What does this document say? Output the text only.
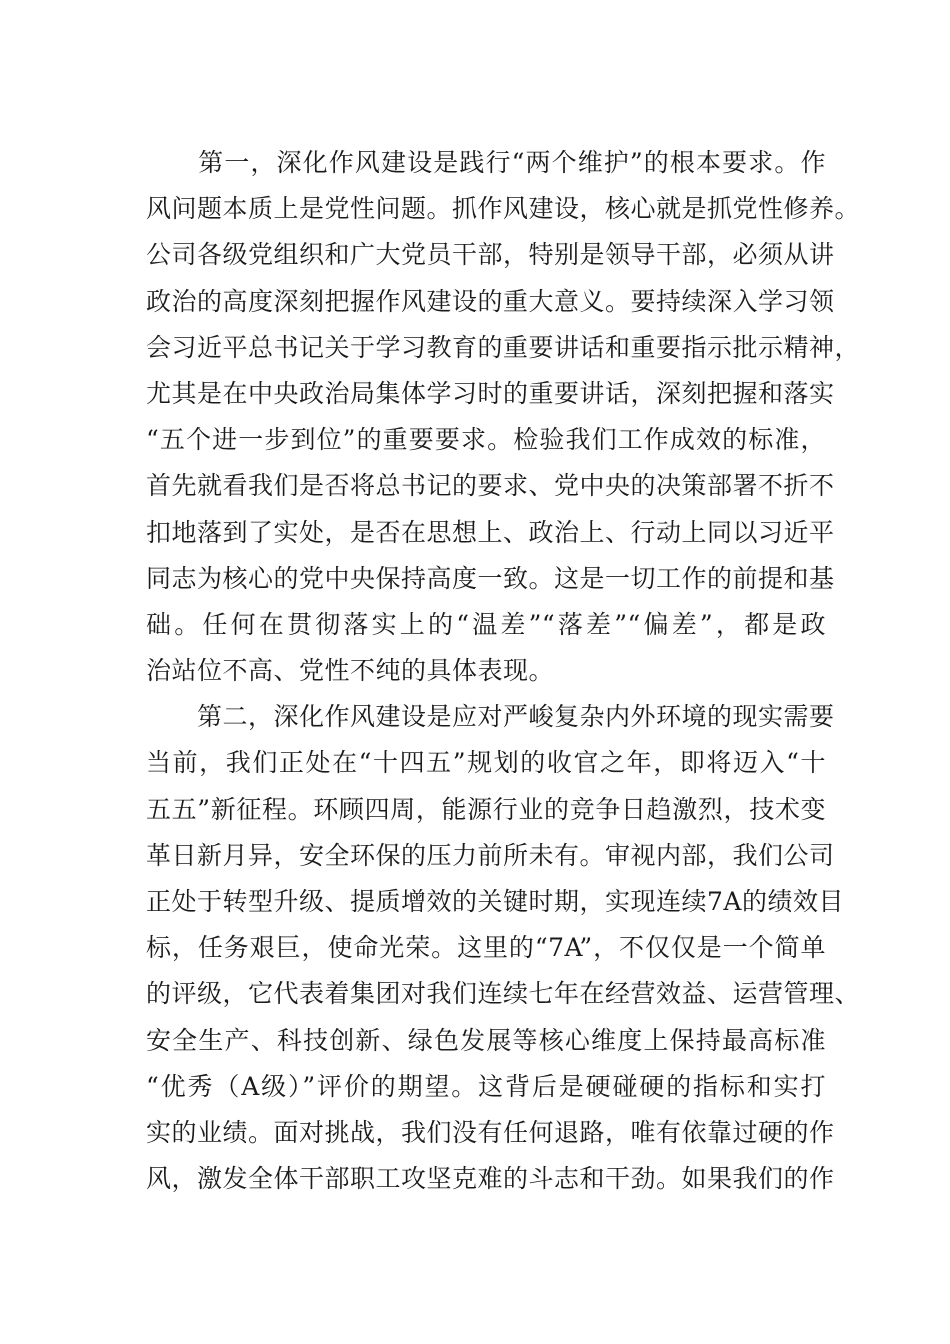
　　第一，深化作风建设是践行“两个维护”的根本要求。作
风问题本质上是党性问题。抓作风建设，核心就是抓党性修养。
公司各级党组织和广大党员干部，特别是领导干部，必须从讲
政治的高度深刻把握作风建设的重大意义。要持续深入学习领
会习近平总书记关于学习教育的重要讲话和重要指示批示精神，
尤其是在中央政治局集体学习时的重要讲话，深刻把握和落实
“五个进一步到位”的重要要求。检验我们工作成效的标准，
首先就看我们是否将总书记的要求、党中央的决策部署不折不
扣地落到了实处，是否在思想上、政治上、行动上同以习近平
同志为核心的党中央保持高度一致。这是一切工作的前提和基
础。任何在贯彻落实上的“温差”“落差”“偏差”，都是政
治站位不高、党性不纯的具体表现。
　　第二，深化作风建设是应对严峻复杂内外环境的现实需要
当前，我们正处在“十四五”规划的收官之年，即将迈入“十
五五”新征程。环顾四周，能源行业的竞争日趋激烈，技术变
革日新月异，安全环保的压力前所未有。审视内部，我们公司
正处于转型升级、提质增效的关键时期，实现连续7A的绩效目
标，任务艰巨，使命光荣。这里的“7A”，不仅仅是一个简单
的评级，它代表着集团对我们连续七年在经营效益、运营管理、
安全生产、科技创新、绿色发展等核心维度上保持最高标准
“优秀（A级）”评价的期望。这背后是硬碰硬的指标和实打
实的业绩。面对挑战，我们没有任何退路，唯有依靠过硬的作
风，激发全体干部职工攻坚克难的斗志和干劲。如果我们的作
